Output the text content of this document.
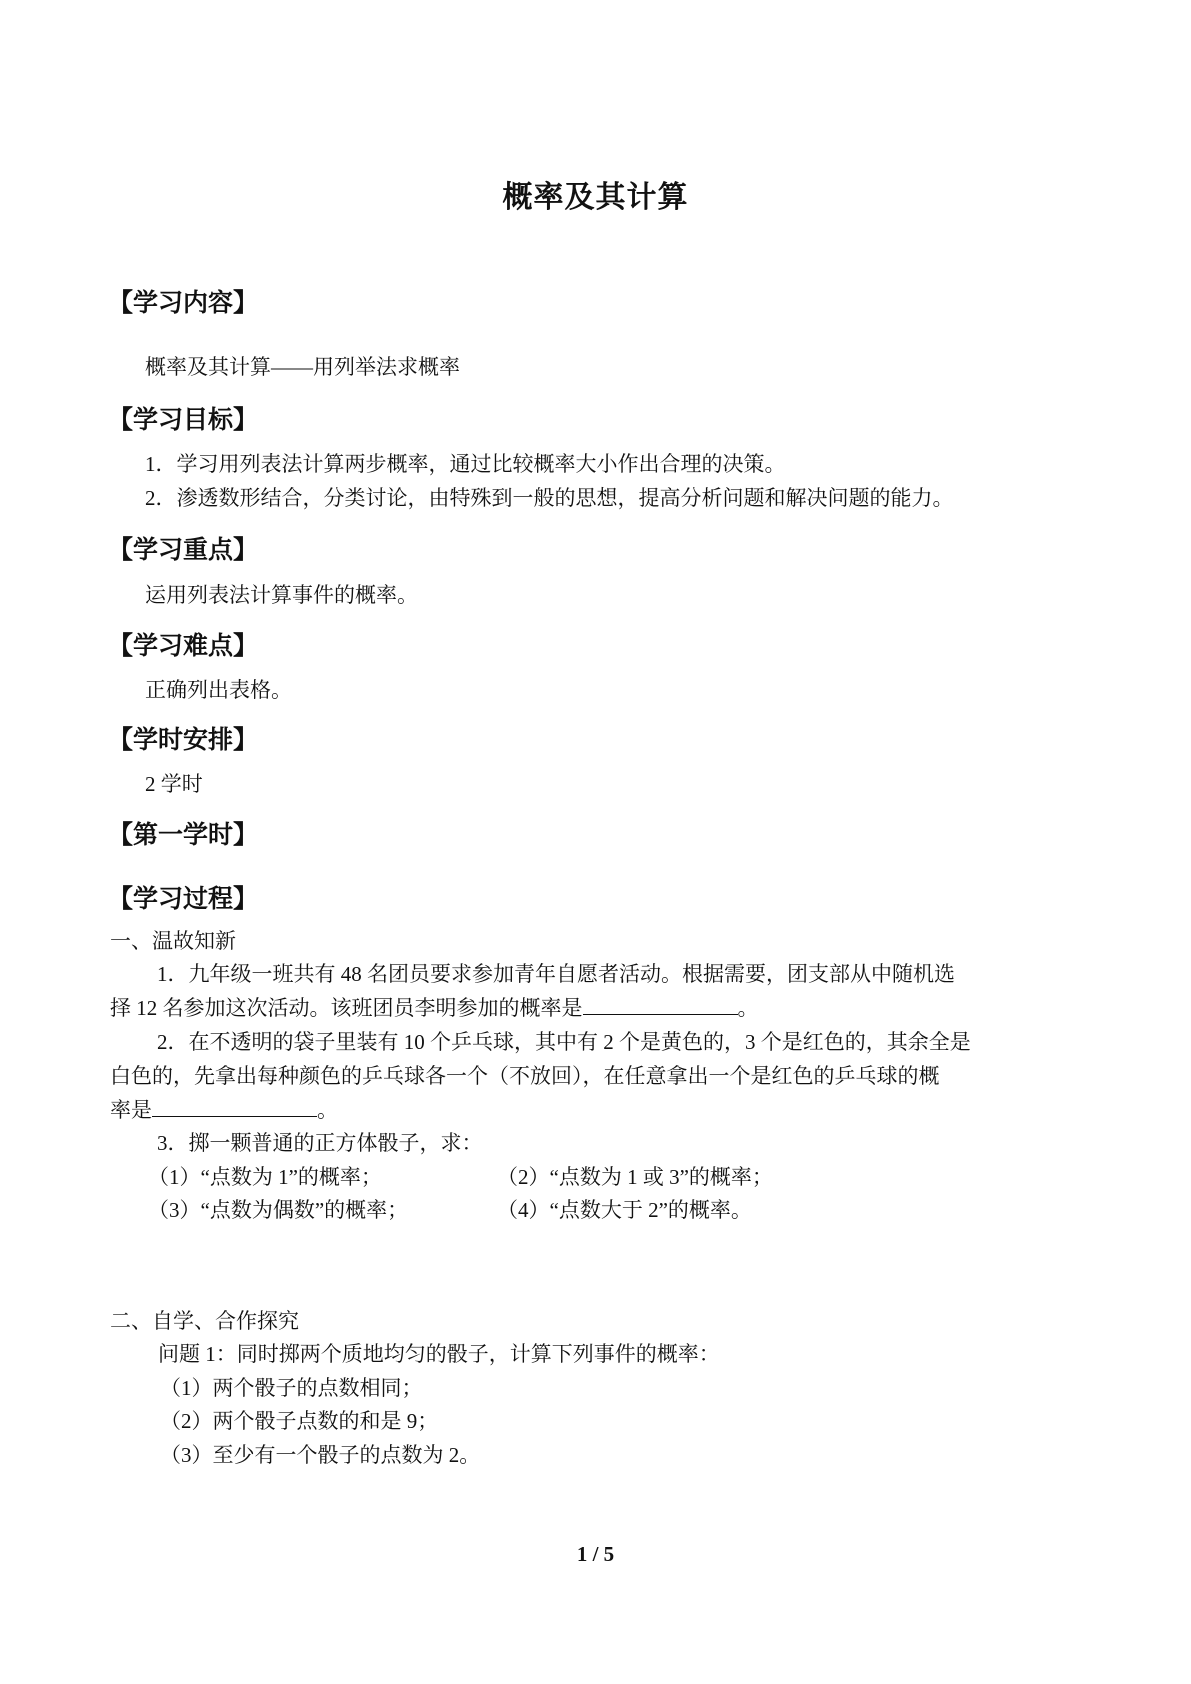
概率及其计算
【学习内容】
概率及其计算——用列举法求概率
【学习目标】
1．学习用列表法计算两步概率，通过比较概率大小作出合理的决策。
2．渗透数形结合，分类讨论，由特殊到一般的思想，提高分析问题和解决问题的能力。
【学习重点】
运用列表法计算事件的概率。
【学习难点】
正确列出表格。
【学时安排】
2 学时
【第一学时】
【学习过程】
一、温故知新
1．九年级一班共有 48 名团员要求参加青年自愿者活动。根据需要，团支部从中随机选
择 12 名参加这次活动。该班团员李明参加的概率是	。
2．在不透明的袋子里装有 10 个乒乓球，其中有 2 个是黄色的，3 个是红色的，其余全是
白色的，先拿出每种颜色的乒乓球各一个（不放回），在任意拿出一个是红色的乒乓球的概
率是	。
3．掷一颗普通的正方体骰子，求：
（1）“点数为 1”的概率；	（2）“点数为 1 或 3”的概率；
（3）“点数为偶数”的概率；	（4）“点数大于 2”的概率。
二、自学、合作探究
问题 1：同时掷两个质地均匀的骰子，计算下列事件的概率：
（1）两个骰子的点数相同；
（2）两个骰子点数的和是 9；
（3）至少有一个骰子的点数为 2。
1 / 5
